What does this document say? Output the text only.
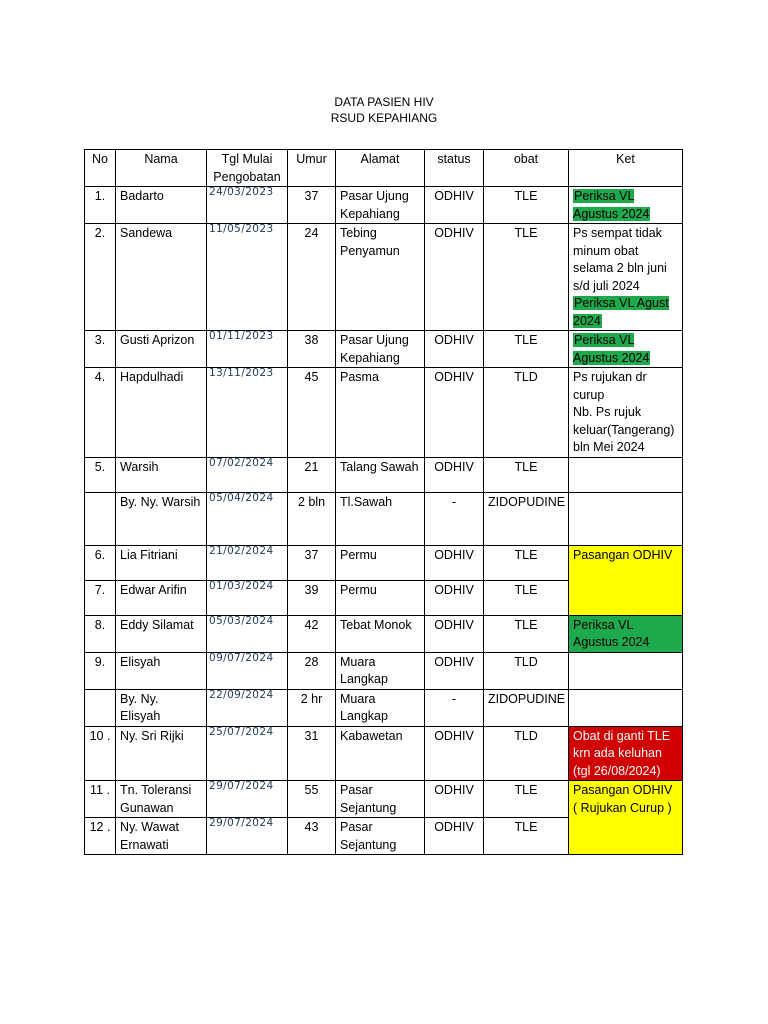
DATA PASIEN HIV
RSUD KEPAHIANG
No	Nama	Tgl Mulai Pengobatan	Umur	Alamat	status	obat	Ket
1.	Badarto	24/03/2023	37	Pasar Ujung Kepahiang	ODHIV	TLE	Periksa VL Agustus 2024
2.	Sandewa	11/05/2023	24	Tebing Penyamun	ODHIV	TLE	Ps sempat tidak minum obat selama 2 bln juni s/d juli 2024 Periksa VL Agust 2024
3.	Gusti Aprizon	01/11/2023	38	Pasar Ujung Kepahiang	ODHIV	TLE	Periksa VL Agustus 2024
4.	Hapdulhadi	13/11/2023	45	Pasma	ODHIV	TLD	Ps rujukan dr curup
Nb. Ps rujuk keluar(Tangerang) bln Mei 2024

5.	Warsih	07/02/2024	21	Talang Sawah	ODHIV	TLE	
	By. Ny. Warsih	05/04/2024	2 bln	Tl.Sawah	-	ZIDOPUDINE	
6.	Lia Fitriani	21/02/2024	37	Permu	ODHIV	TLE	Pasangan ODHIV
7.	Edwar Arifin	01/03/2024	39	Permu	ODHIV	TLE	
8.	Eddy Silamat	05/03/2024	42	Tebat Monok	ODHIV	TLE	Periksa VL Agustus 2024

9.	Elisyah	09/07/2024	28	Muara Langkap	ODHIV	TLD	
	By. Ny. Elisyah	22/09/2024	2 hr	Muara Langkap	-	ZIDOPUDINE	
10 .	Ny. Sri Rijki	25/07/2024	31	Kabawetan	ODHIV	TLD	Obat di ganti TLE krn ada keluhan (tgl 26/08/2024)
11 .	Tn. Toleransi Gunawan	29/07/2024	55	Pasar Sejantung	ODHIV	TLE	Pasangan ODHIV ( Rujukan Curup )
12 .	Ny. Wawat Ernawati	29/07/2024	43	Pasar Sejantung	ODHIV	TLE	
